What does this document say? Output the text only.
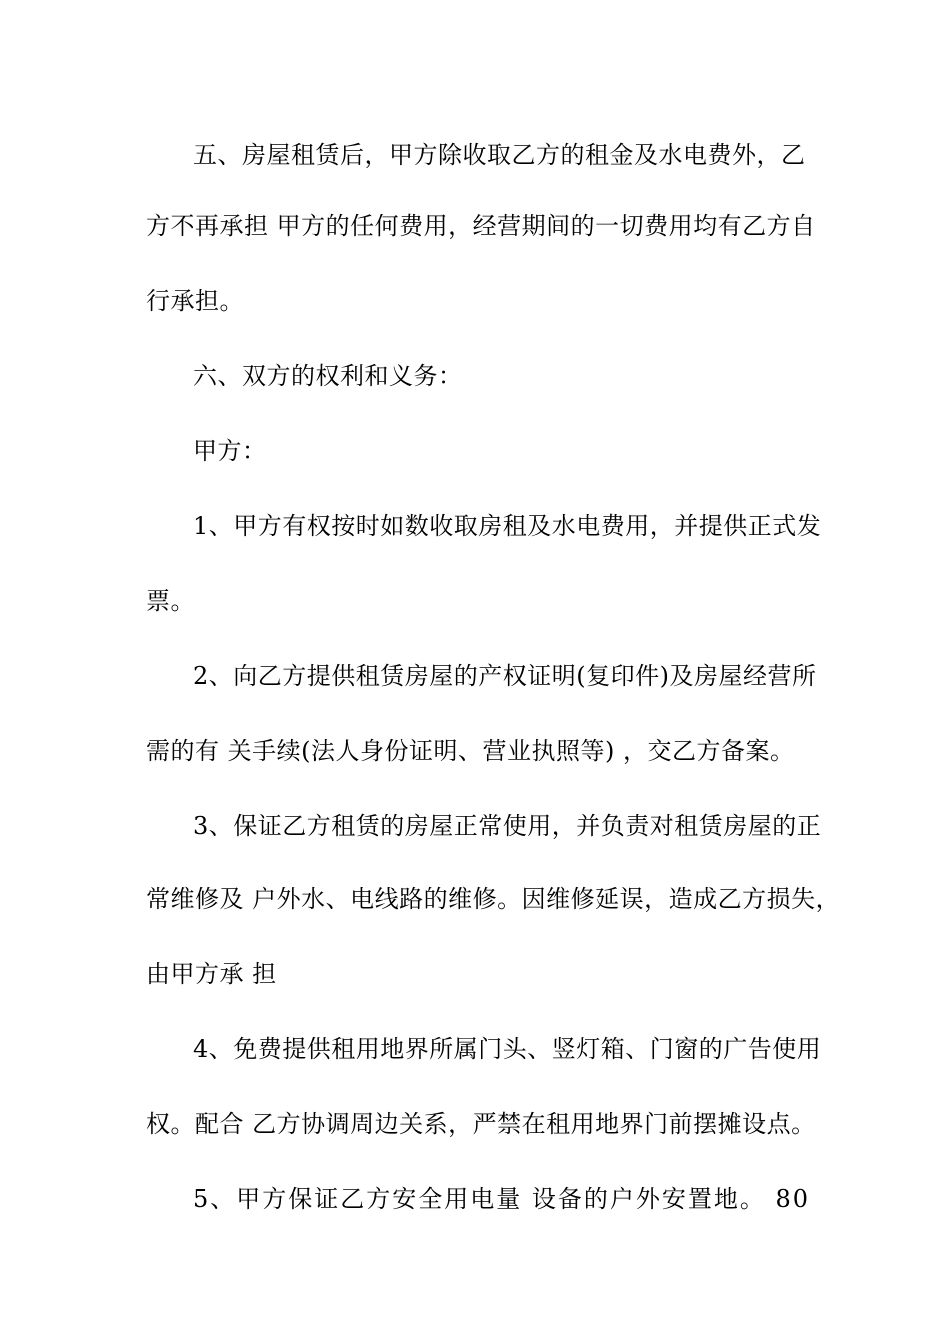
五、房屋租赁后，甲方除收取乙方的租金及水电费外，乙
方不再承担 甲方的任何费用，经营期间的一切费用均有乙方自
行承担。
六、双方的权利和义务：
甲方：
1、甲方有权按时如数收取房租及水电费用，并提供正式发
票。
2、向乙方提供租赁房屋的产权证明(复印件)及房屋经营所
需的有 关手续(法人身份证明、营业执照等) ，交乙方备案。
3、保证乙方租赁的房屋正常使用，并负责对租赁房屋的正
常维修及 户外水、电线路的维修。因维修延误，造成乙方损失，
由甲方承 担
4、免费提供租用地界所属门头、竖灯箱、门窗的广告使用
权。配合 乙方协调周边关系，严禁在租用地界门前摆摊设点。
5、甲方保证乙方安全用电量 设备的户外安置地。 80
